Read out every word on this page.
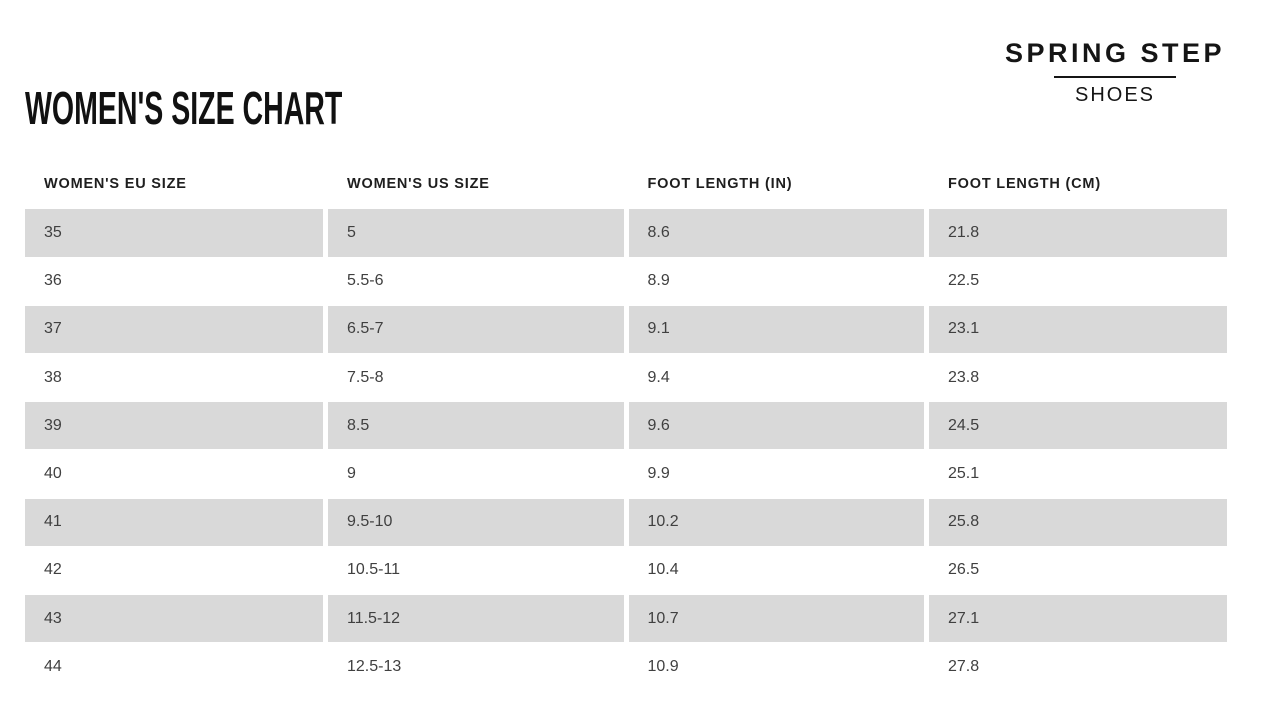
WOMEN'S SIZE CHART
SPRING STEP
SHOES
WOMEN'S EU SIZE	WOMEN'S US SIZE	FOOT LENGTH (IN)	FOOT LENGTH (CM)
35	5	8.6	21.8
36	5.5-6	8.9	22.5
37	6.5-7	9.1	23.1
38	7.5-8	9.4	23.8
39	8.5	9.6	24.5
40	9	9.9	25.1
41	9.5-10	10.2	25.8
42	10.5-11	10.4	26.5
43	11.5-12	10.7	27.1
44	12.5-13	10.9	27.8
